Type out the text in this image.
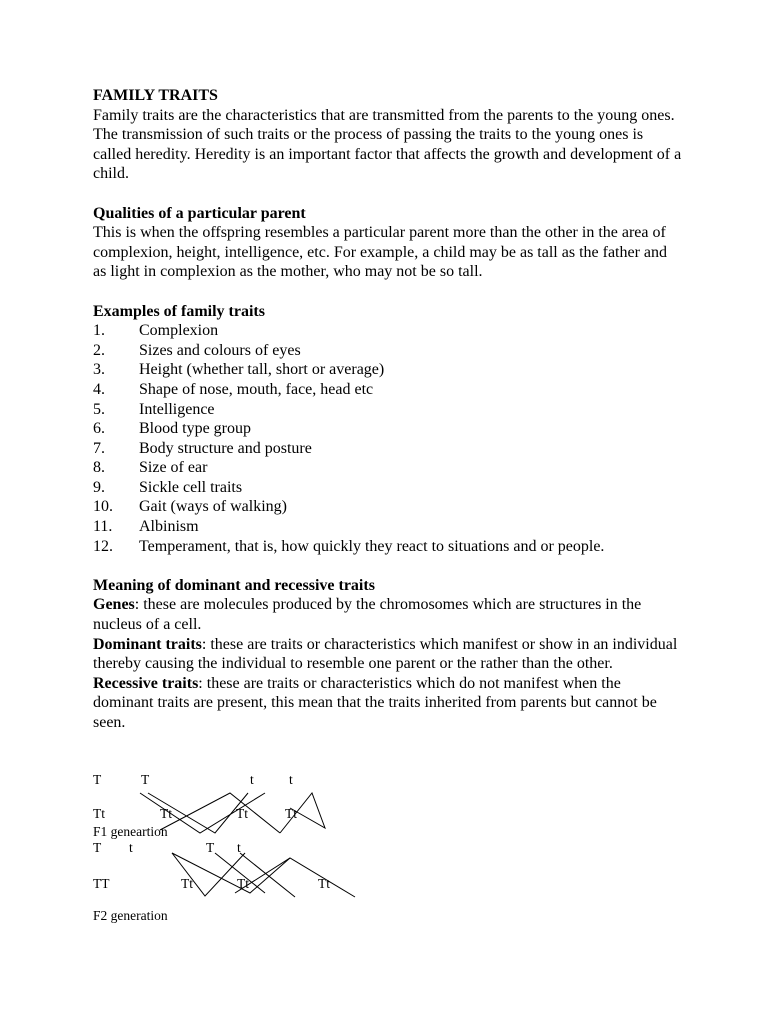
FAMILY TRAITS

Family traits are the characteristics that are transmitted from the parents to the young ones. The transmission of such traits or the process of passing the traits to the young ones is called heredity. Heredity is an important factor that affects the growth and development of a child.

Qualities of a particular parent

This is when the offspring resembles a particular parent more than the other in the area of complexion, height, intelligence, etc. For example, a child may be as tall as the father and as light in complexion as the mother, who may not be so tall.

Examples of family traits
1.	Complexion
2.	Sizes and colours of eyes
3.	Height (whether tall, short or average)
4.	Shape of nose, mouth, face, head etc
5.	Intelligence
6.	Blood type group
7.	Body structure and posture
8.	Size of ear
9.	Sickle cell traits
10.	Gait (ways of walking)
11.	Albinism
12.	Temperament, that is, how quickly they react to situations and or people.
Meaning of dominant and recessive traits

Genes: these are molecules produced by the chromosomes which are structures in the nucleus of a cell.

Dominant traits: these are traits or characteristics which manifest or show in an individual thereby causing the individual to resemble one parent or the rather than the other.

Recessive traits: these are traits or characteristics which do not manifest when the dominant traits are present, this mean that the traits inherited from parents but cannot be seen.

T	T	t	t
Tt	Tt	Tt	Tt
F1 geneartion
T t	T t
TT	Tt	Tt	Tt
F2 generation
